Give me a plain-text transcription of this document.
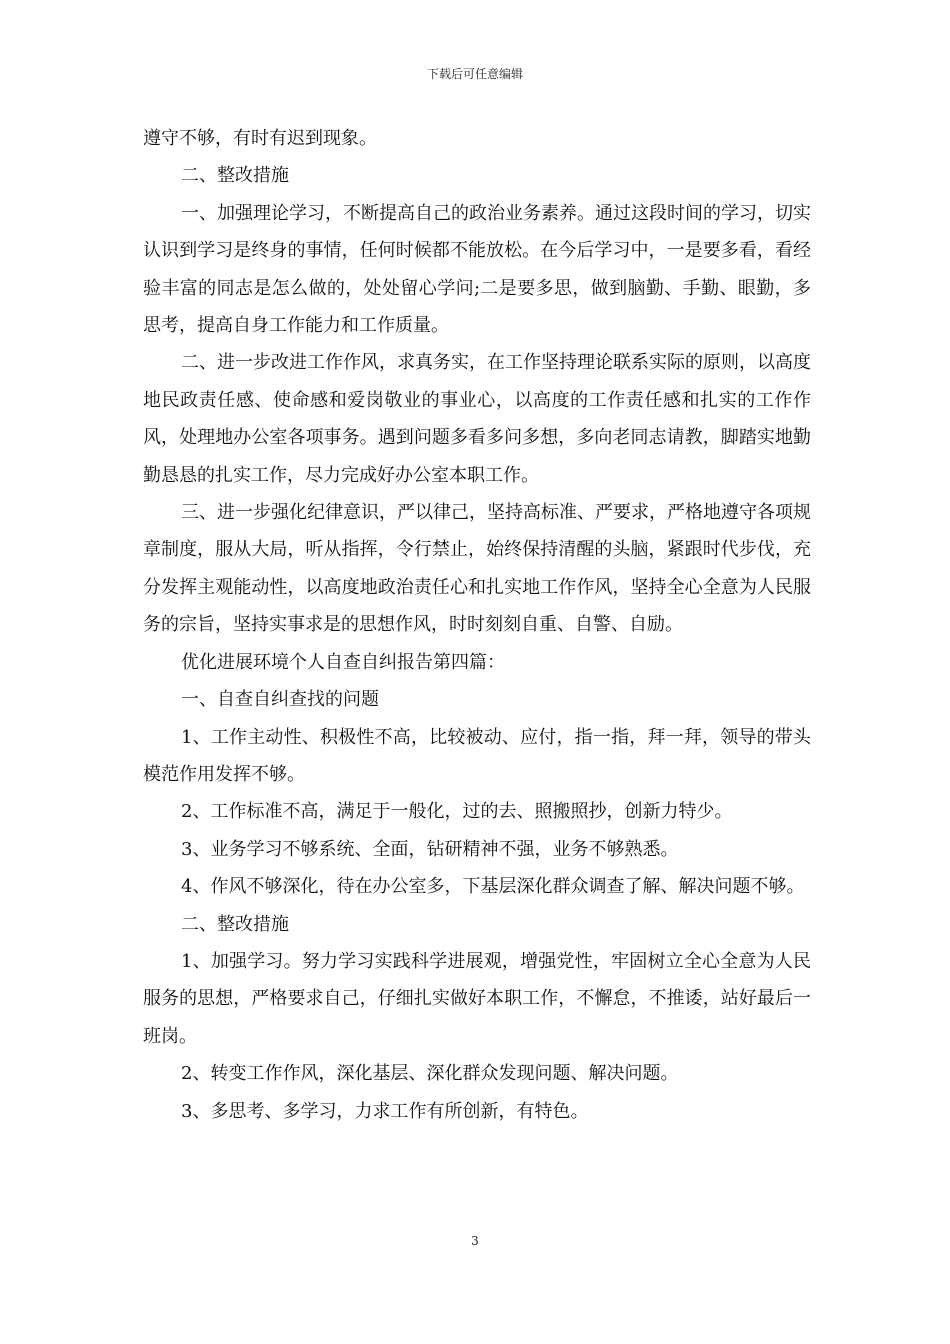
下载后可任意编辑

遵守不够，有时有迟到现象。

二、整改措施

一、加强理论学习，不断提高自己的政治业务素养。通过这段时间的学习，切实认识到学习是终身的事情，任何时候都不能放松。在今后学习中，一是要多看，看经验丰富的同志是怎么做的，处处留心学问;二是要多思，做到脑勤、手勤、眼勤，多思考，提高自身工作能力和工作质量。

二、进一步改进工作作风，求真务实，在工作坚持理论联系实际的原则，以高度地民政责任感、使命感和爱岗敬业的事业心，以高度的工作责任感和扎实的工作作风，处理地办公室各项事务。遇到问题多看多问多想，多向老同志请教，脚踏实地勤勤恳恳的扎实工作，尽力完成好办公室本职工作。

三、进一步强化纪律意识，严以律己，坚持高标准、严要求，严格地遵守各项规章制度，服从大局，听从指挥，令行禁止，始终保持清醒的头脑，紧跟时代步伐，充分发挥主观能动性，以高度地政治责任心和扎实地工作作风，坚持全心全意为人民服务的宗旨，坚持实事求是的思想作风，时时刻刻自重、自警、自励。

优化进展环境个人自查自纠报告第四篇：

一、自查自纠查找的问题

1、工作主动性、积极性不高，比较被动、应付，指一指，拜一拜，领导的带头模范作用发挥不够。

2、工作标准不高，满足于一般化，过的去、照搬照抄，创新力特少。

3、业务学习不够系统、全面，钻研精神不强，业务不够熟悉。

4、作风不够深化，待在办公室多，下基层深化群众调查了解、解决问题不够。

二、整改措施

1、加强学习。努力学习实践科学进展观，增强党性，牢固树立全心全意为人民服务的思想，严格要求自己，仔细扎实做好本职工作，不懈怠，不推诿，站好最后一班岗。

2、转变工作作风，深化基层、深化群众发现问题、解决问题。

3、多思考、多学习，力求工作有所创新，有特色。

3
